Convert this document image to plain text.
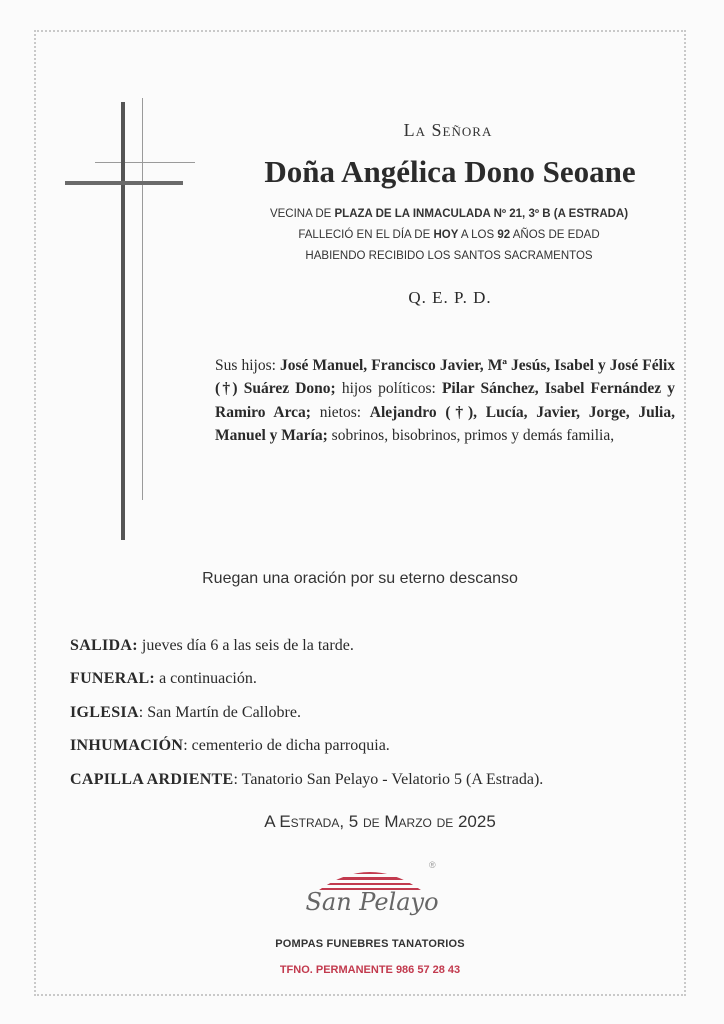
La Señora

Doña Angélica Dono Seoane

VECINA DE PLAZA DE LA INMACULADA Nº 21, 3º B (A ESTRADA)

FALLECIÓ EN EL DÍA DE HOY A LOS 92 AÑOS DE EDAD

HABIENDO RECIBIDO LOS SANTOS SACRAMENTOS

Q. E. P. D.

Sus hijos: José Manuel, Francisco Javier, Mª Jesús, Isabel y José Félix (†) Suárez Dono; hijos políticos: Pilar Sánchez, Isabel Fernández y Ramiro Arca; nietos: Alejandro (†), Lucía, Javier, Jorge, Julia, Manuel y María; sobrinos, bisobrinos, primos y demás familia,

Ruegan una oración por su eterno descanso

SALIDA: jueves día 6 a las seis de la tarde.

FUNERAL: a continuación.

IGLESIA: San Martín de Callobre.

INHUMACIÓN: cementerio de dicha parroquia.

CAPILLA ARDIENTE: Tanatorio San Pelayo - Velatorio 5 (A Estrada).

A Estrada, 5 de Marzo de 2025

®
San Pelayo

POMPAS FUNEBRES TANATORIOS

TFNO. PERMANENTE 986 57 28 43
